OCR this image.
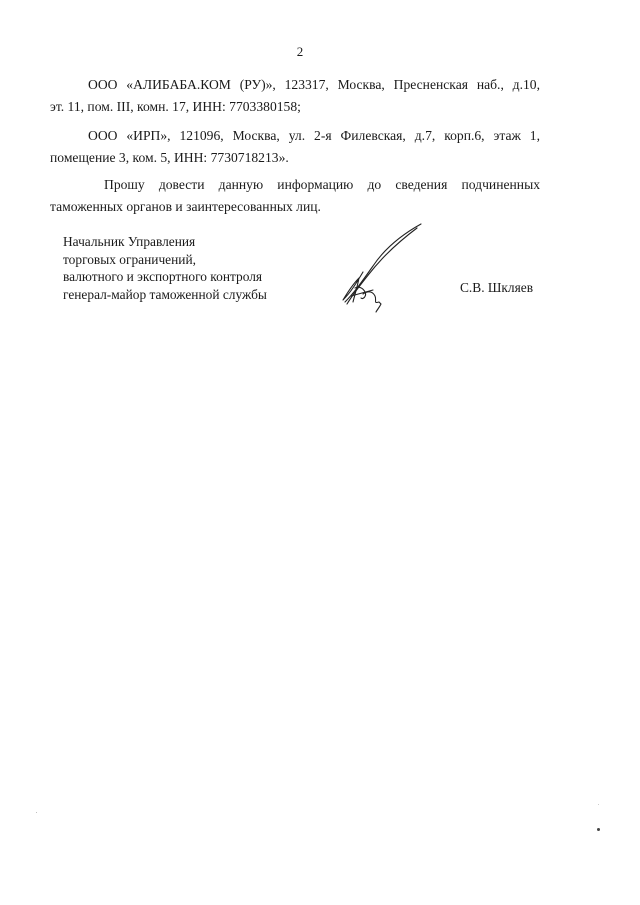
2
ООО «АЛИБАБА.КОМ (РУ)», 123317, Москва, Пресненская наб., д.10,
эт. 11, пом. III, комн. 17, ИНН: 7703380158;
ООО «ИРП», 121096, Москва, ул. 2-я Филевская, д.7, корп.6, этаж 1,
помещение 3, ком. 5, ИНН: 7730718213».
Прошу довести данную информацию до сведения подчиненных
таможенных органов и заинтересованных лиц.
Начальник Управления
торговых ограничений,
валютного и экспортного контроля
генерал-майор таможенной службы	С.В. Шкляев
